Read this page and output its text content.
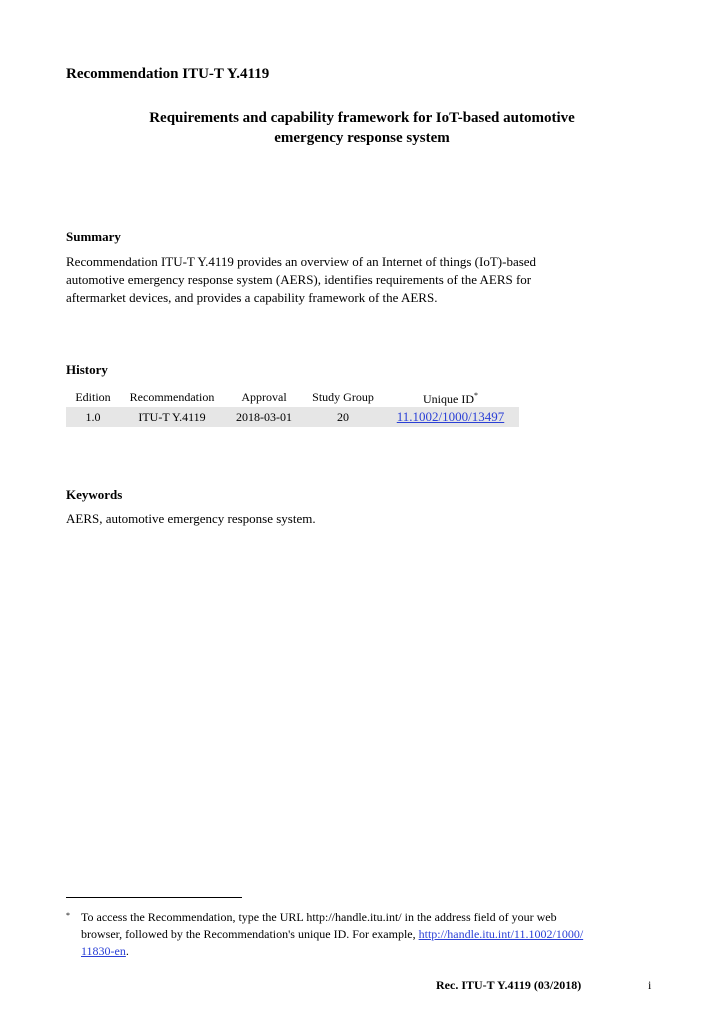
Recommendation ITU-T Y.4119
Requirements and capability framework for IoT-based automotive
emergency response system
Summary
Recommendation ITU-T Y.4119 provides an overview of an Internet of things (IoT)-based
automotive emergency response system (AERS), identifies requirements of the AERS for
aftermarket devices, and provides a capability framework of the AERS.
History
Edition	Recommendation	Approval	Study Group	Unique ID*
1.0	ITU-T Y.4119	2018-03-01	20	11.1002/1000/13497
Keywords
AERS, automotive emergency response system.
* To access the Recommendation, type the URL http://handle.itu.int/ in the address field of your web
browser, followed by the Recommendation's unique ID. For example, http://handle.itu.int/11.1002/1000/
11830-en.
Rec. ITU-T Y.4119 (03/2018)	i
